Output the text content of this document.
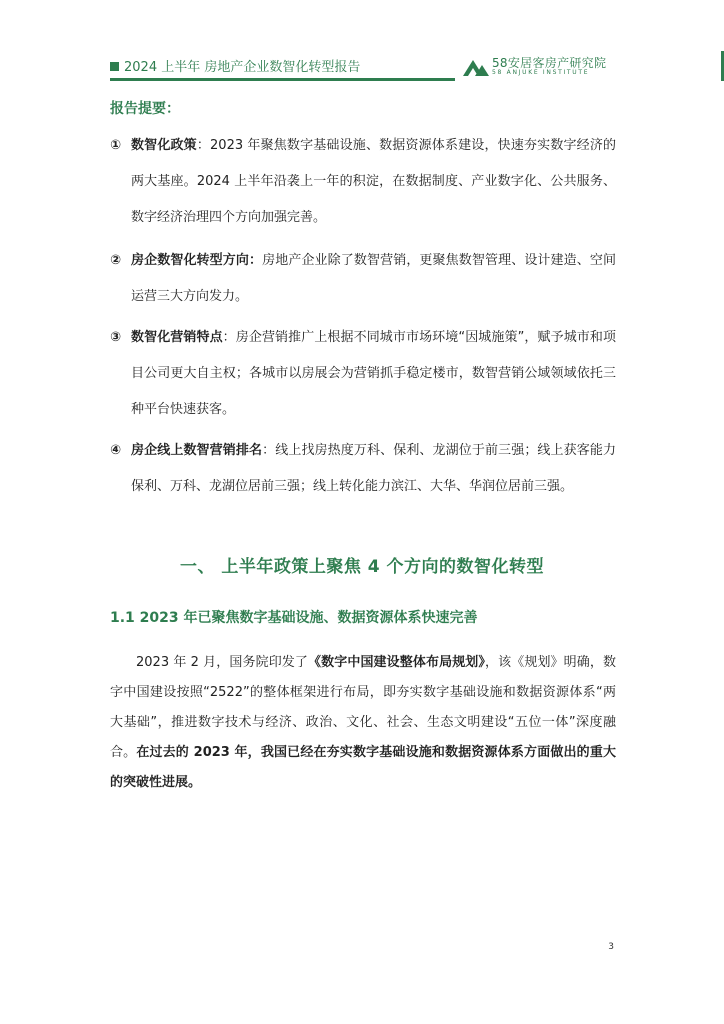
2024 上半年 房地产企业数智化转型报告	58安居客房产研究院
58 ANJUKE INSTITUTE
报告提要：
① 数智化政策：2023 年聚焦数字基础设施、数据资源体系建设，快速夯实数字经济的两大基座。2024 上半年沿袭上一年的积淀，在数据制度、产业数字化、公共服务、数字经济治理四个方向加强完善。
② 房企数智化转型方向：房地产企业除了数智营销，更聚焦数智管理、设计建造、空间运营三大方向发力。
③ 数智化营销特点：房企营销推广上根据不同城市市场环境“因城施策”，赋予城市和项目公司更大自主权；各城市以房展会为营销抓手稳定楼市，数智营销公域领域依托三种平台快速获客。
④ 房企线上数智营销排名：线上找房热度万科、保利、龙湖位于前三强；线上获客能力保利、万科、龙湖位居前三强；线上转化能力滨江、大华、华润位居前三强。
一、 上半年政策上聚焦 4 个方向的数智化转型
1.1 2023 年已聚焦数字基础设施、数据资源体系快速完善

2023 年 2 月，国务院印发了《数字中国建设整体布局规划》，该《规划》明确，数字中国建设按照“2522”的整体框架进行布局，即夯实数字基础设施和数据资源体系“两大基础”，推进数字技术与经济、政治、文化、社会、生态文明建设“五位一体”深度融合。在过去的 2023 年，我国已经在夯实数字基础设施和数据资源体系方面做出的重大的突破性进展。

3
